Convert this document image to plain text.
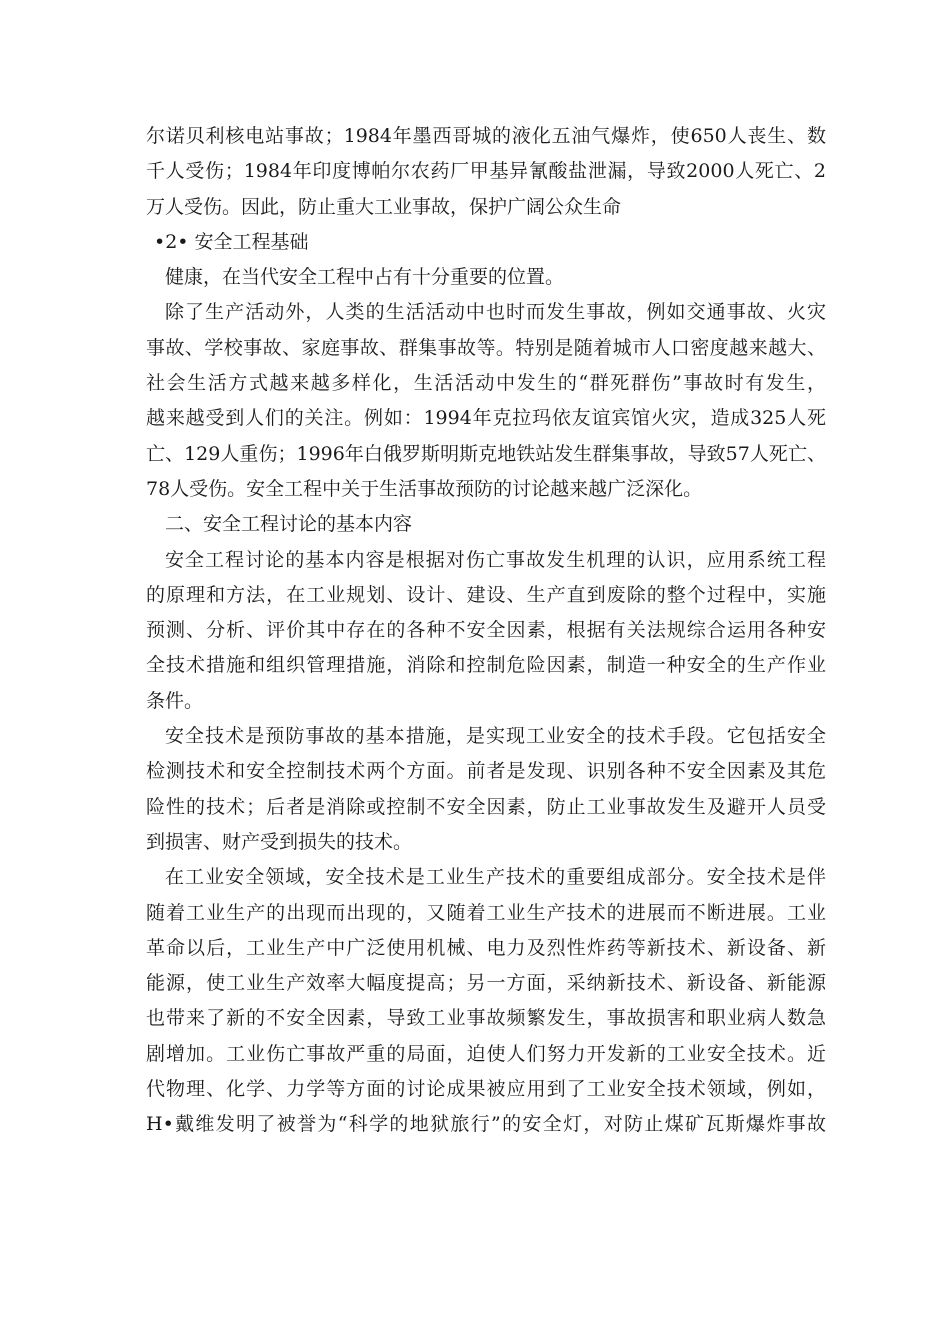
尔诺贝利核电站事故；1984年墨西哥城的液化五油气爆炸，使650人丧生、数
千人受伤；1984年印度博帕尔农药厂甲基异氰酸盐泄漏，导致2000人死亡、2
万人受伤。因此，防止重大工业事故，保护广阔公众生命
•2• 安全工程基础
健康，在当代安全工程中占有十分重要的位置。
除了生产活动外，人类的生活活动中也时而发生事故，例如交通事故、火灾
事故、学校事故、家庭事故、群集事故等。特别是随着城市人口密度越来越大、
社会生活方式越来越多样化，生活活动中发生的“群死群伤”事故时有发生，
越来越受到人们的关注。例如：1994年克拉玛依友谊宾馆火灾，造成325人死
亡、129人重伤；1996年白俄罗斯明斯克地铁站发生群集事故，导致57人死亡、
78人受伤。安全工程中关于生活事故预防的讨论越来越广泛深化。
二、安全工程讨论的基本内容
安全工程讨论的基本内容是根据对伤亡事故发生机理的认识，应用系统工程
的原理和方法，在工业规划、设计、建设、生产直到废除的整个过程中，实施
预测、分析、评价其中存在的各种不安全因素，根据有关法规综合运用各种安
全技术措施和组织管理措施，消除和控制危险因素，制造一种安全的生产作业
条件。
安全技术是预防事故的基本措施，是实现工业安全的技术手段。它包括安全
检测技术和安全控制技术两个方面。前者是发现、识别各种不安全因素及其危
险性的技术；后者是消除或控制不安全因素，防止工业事故发生及避开人员受
到损害、财产受到损失的技术。
在工业安全领域，安全技术是工业生产技术的重要组成部分。安全技术是伴
随着工业生产的出现而出现的，又随着工业生产技术的进展而不断进展。工业
革命以后，工业生产中广泛使用机械、电力及烈性炸药等新技术、新设备、新
能源，使工业生产效率大幅度提高；另一方面，采纳新技术、新设备、新能源
也带来了新的不安全因素，导致工业事故频繁发生，事故损害和职业病人数急
剧增加。工业伤亡事故严重的局面，迫使人们努力开发新的工业安全技术。近
代物理、化学、力学等方面的讨论成果被应用到了工业安全技术领域，例如，
H•戴维发明了被誉为“科学的地狱旅行”的安全灯，对防止煤矿瓦斯爆炸事故
